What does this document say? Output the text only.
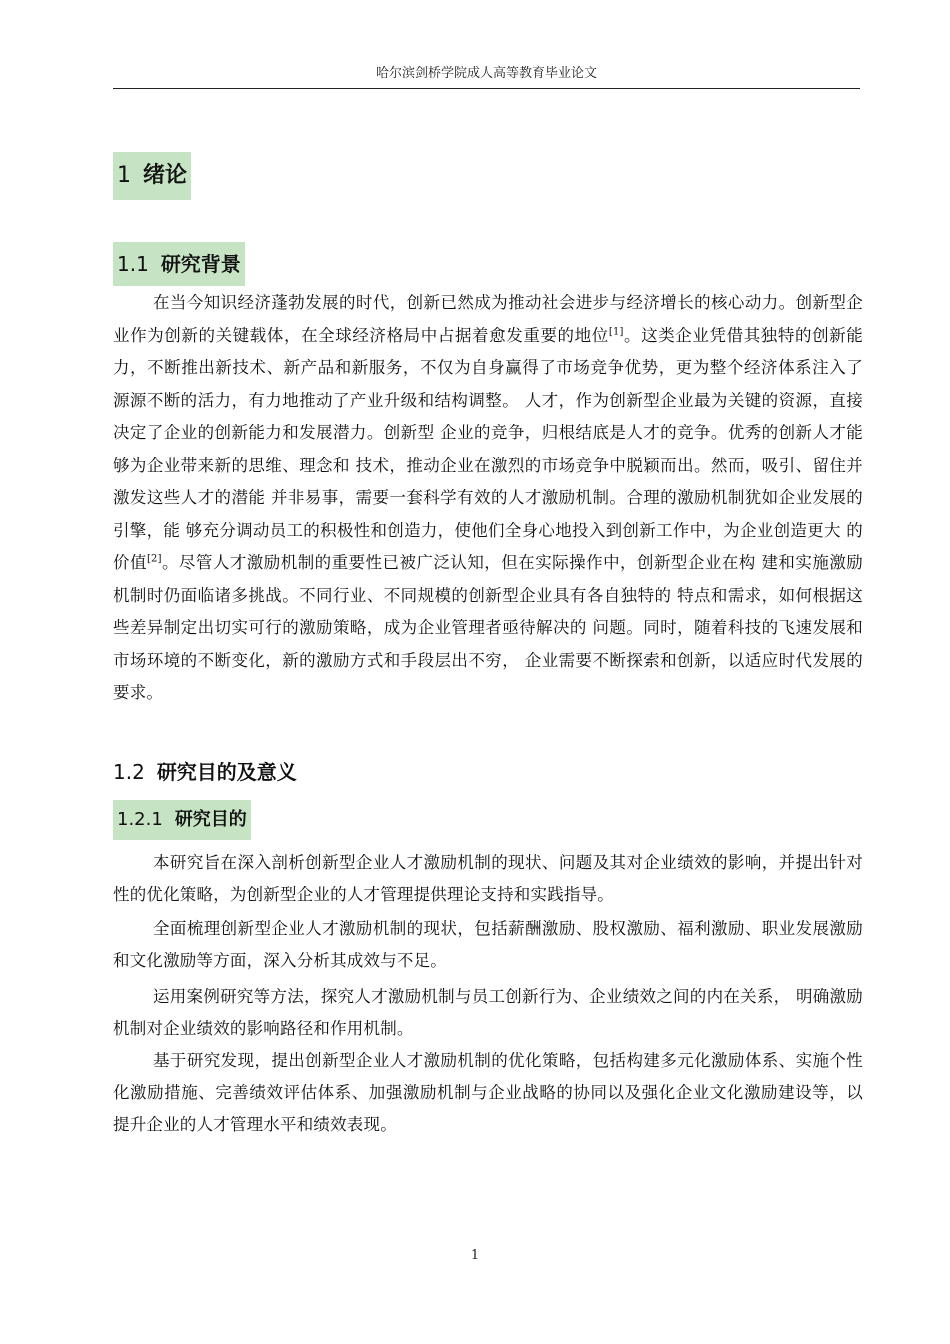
哈尔滨剑桥学院成人高等教育毕业论文
1 绪论
1.1 研究背景
在当今知识经济蓬勃发展的时代，创新已然成为推动社会进步与经济增长的核心动力。创新型企业作为创新的关键载体，在全球经济格局中占据着愈发重要的地位[1]。这类企业凭借其独特的创新能力，不断推出新技术、新产品和新服务，不仅为自身赢得了市场竞争优势，更为整个经济体系注入了源源不断的活力，有力地推动了产业升级和结构调整。 人才，作为创新型企业最为关键的资源，直接决定了企业的创新能力和发展潜力。创新型 企业的竞争，归根结底是人才的竞争。优秀的创新人才能够为企业带来新的思维、理念和 技术，推动企业在激烈的市场竞争中脱颖而出。然而，吸引、留住并激发这些人才的潜能 并非易事，需要一套科学有效的人才激励机制。合理的激励机制犹如企业发展的引擎，能 够充分调动员工的积极性和创造力，使他们全身心地投入到创新工作中，为企业创造更大 的价值[2]。尽管人才激励机制的重要性已被广泛认知，但在实际操作中，创新型企业在构 建和实施激励机制时仍面临诸多挑战。不同行业、不同规模的创新型企业具有各自独特的 特点和需求，如何根据这些差异制定出切实可行的激励策略，成为企业管理者亟待解决的 问题。同时，随着科技的飞速发展和市场环境的不断变化，新的激励方式和手段层出不穷， 企业需要不断探索和创新，以适应时代发展的要求。
1.2 研究目的及意义
1.2.1 研究目的
本研究旨在深入剖析创新型企业人才激励机制的现状、问题及其对企业绩效的影响，并提出针对性的优化策略，为创新型企业的人才管理提供理论支持和实践指导。
全面梳理创新型企业人才激励机制的现状，包括薪酬激励、股权激励、福利激励、职业发展激励和文化激励等方面，深入分析其成效与不足。
运用案例研究等方法，探究人才激励机制与员工创新行为、企业绩效之间的内在关系， 明确激励机制对企业绩效的影响路径和作用机制。
基于研究发现，提出创新型企业人才激励机制的优化策略，包括构建多元化激励体系、实施个性化激励措施、完善绩效评估体系、加强激励机制与企业战略的协同以及强化企业文化激励建设等，以提升企业的人才管理水平和绩效表现。
1
